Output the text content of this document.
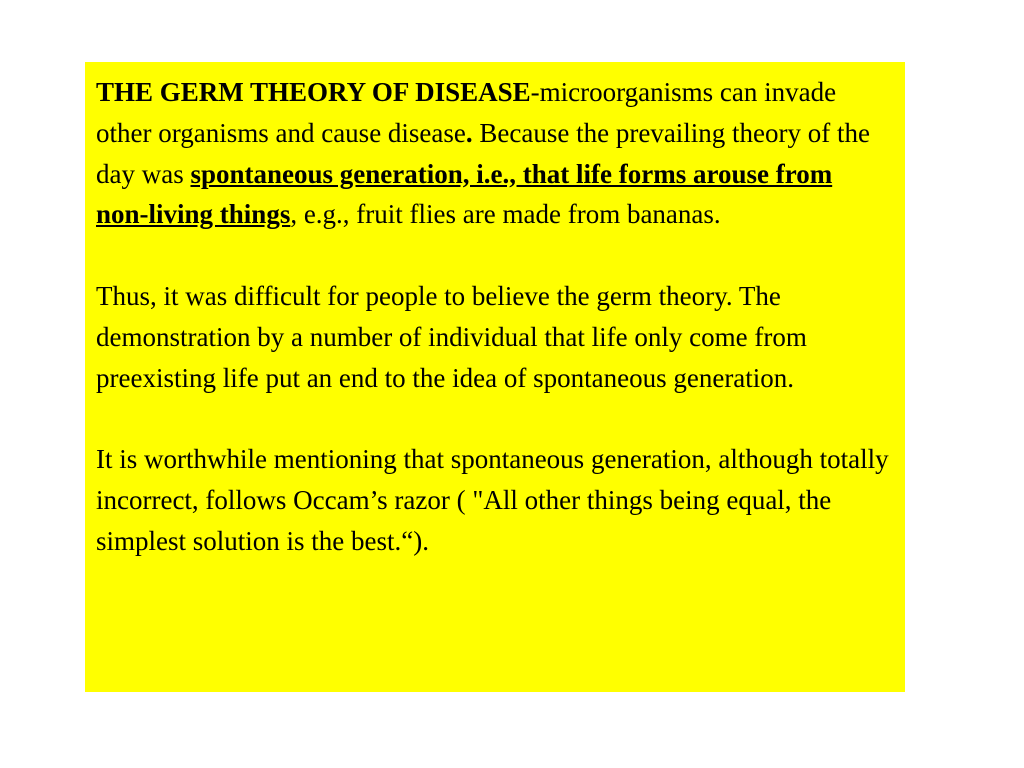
THE GERM THEORY OF DISEASE-microorganisms can invade other organisms and cause disease. Because the prevailing theory of the day was spontaneous generation, i.e., that life forms arouse from non-living things, e.g., fruit flies are made from bananas.

Thus, it was difficult for people to believe the germ theory. The demonstration by a number of individual that life only come from preexisting life put an end to the idea of spontaneous generation.

It is worthwhile mentioning that spontaneous generation, although totally incorrect, follows Occam’s razor ( "All other things being equal, the simplest solution is the best.“).
